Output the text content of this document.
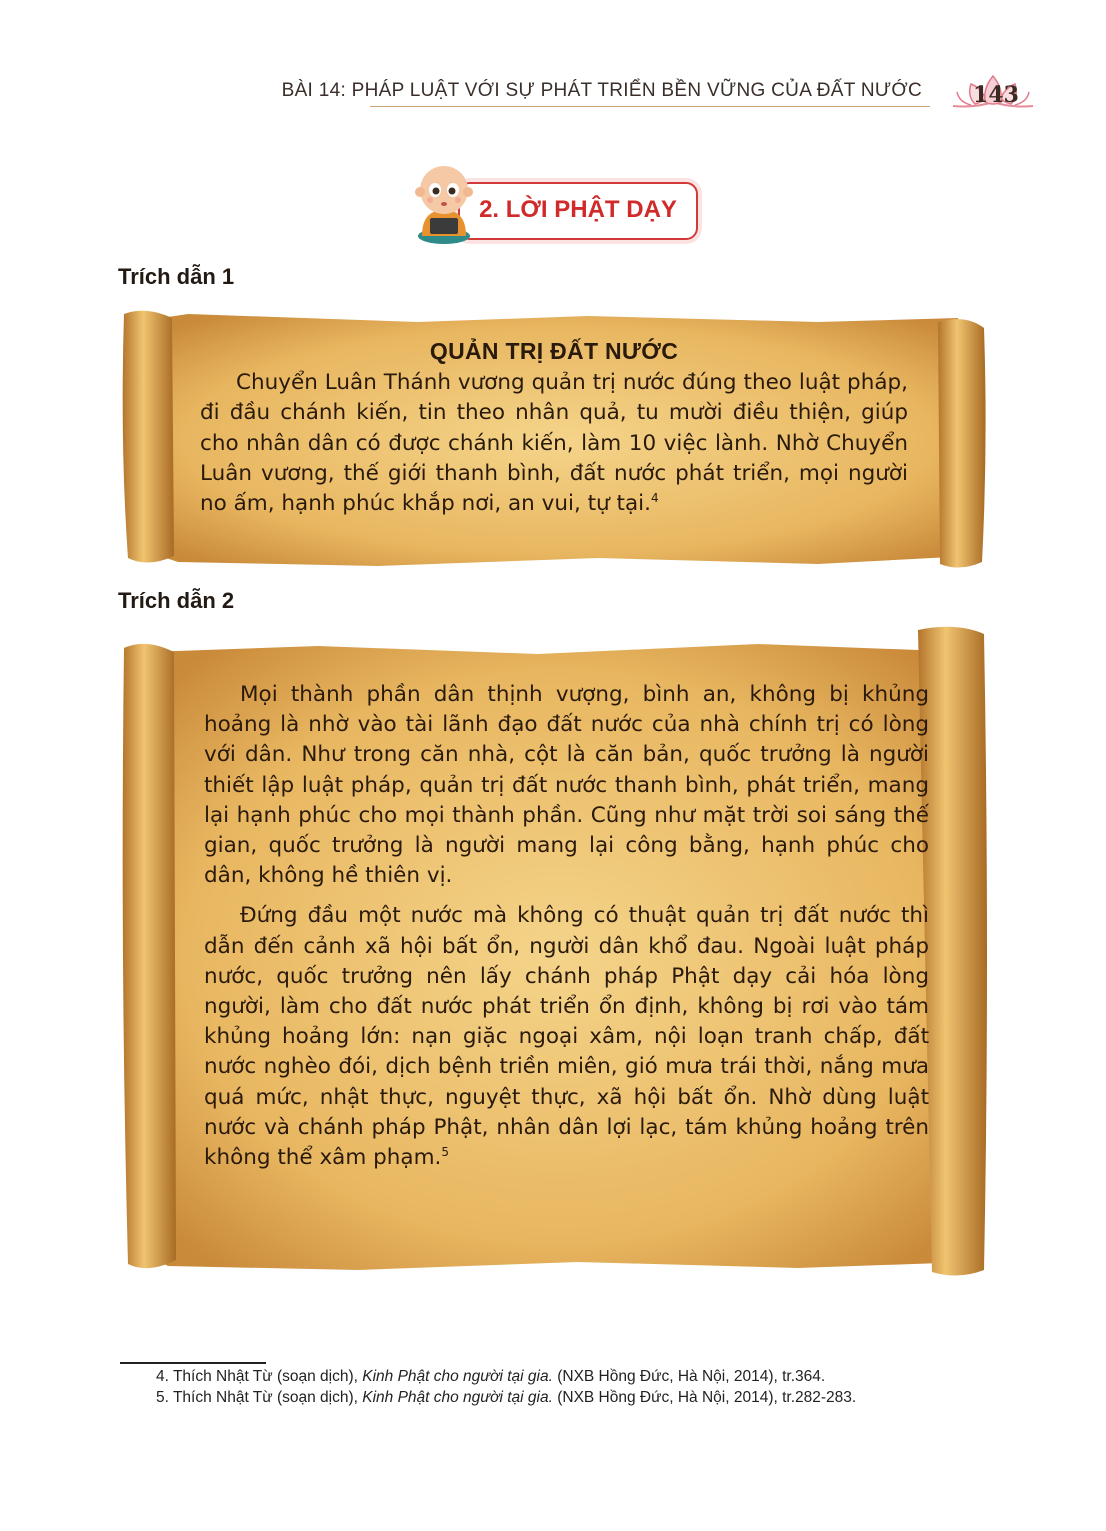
BÀI 14: PHÁP LUẬT VỚI SỰ PHÁT TRIỂN BỀN VỮNG CỦA ĐẤT NƯỚC	143
2. LỜI PHẬT DẠY
Trích dẫn 1
QUẢN TRỊ ĐẤT NƯỚC

Chuyển Luân Thánh vương quản trị nước đúng theo luật pháp, đi đầu chánh kiến, tin theo nhân quả, tu mười điều thiện, giúp cho nhân dân có được chánh kiến, làm 10 việc lành. Nhờ Chuyển Luân vương, thế giới thanh bình, đất nước phát triển, mọi người no ấm, hạnh phúc khắp nơi, an vui, tự tại.$^4$

Trích dẫn 2

Mọi thành phần dân thịnh vượng, bình an, không bị khủng hoảng là nhờ vào tài lãnh đạo đất nước của nhà chính trị có lòng với dân. Như trong căn nhà, cột là căn bản, quốc trưởng là người thiết lập luật pháp, quản trị đất nước thanh bình, phát triển, mang lại hạnh phúc cho mọi thành phần. Cũng như mặt trời soi sáng thế gian, quốc trưởng là người mang lại công bằng, hạnh phúc cho dân, không hề thiên vị.

Đứng đầu một nước mà không có thuật quản trị đất nước thì dẫn đến cảnh xã hội bất ổn, người dân khổ đau. Ngoài luật pháp nước, quốc trưởng nên lấy chánh pháp Phật dạy cải hóa lòng người, làm cho đất nước phát triển ổn định, không bị rơi vào tám khủng hoảng lớn: nạn giặc ngoại xâm, nội loạn tranh chấp, đất nước nghèo đói, dịch bệnh triền miên, gió mưa trái thời, nắng mưa quá mức, nhật thực, nguyệt thực, xã hội bất ổn. Nhờ dùng luật nước và chánh pháp Phật, nhân dân lợi lạc, tám khủng hoảng trên không thể xâm phạm.$^5$

4. Thích Nhật Từ (soạn dịch), Kinh Phật cho người tại gia. (NXB Hồng Đức, Hà Nội, 2014), tr.364.
5. Thích Nhật Từ (soạn dịch), Kinh Phật cho người tại gia. (NXB Hồng Đức, Hà Nội, 2014), tr.282-283.
